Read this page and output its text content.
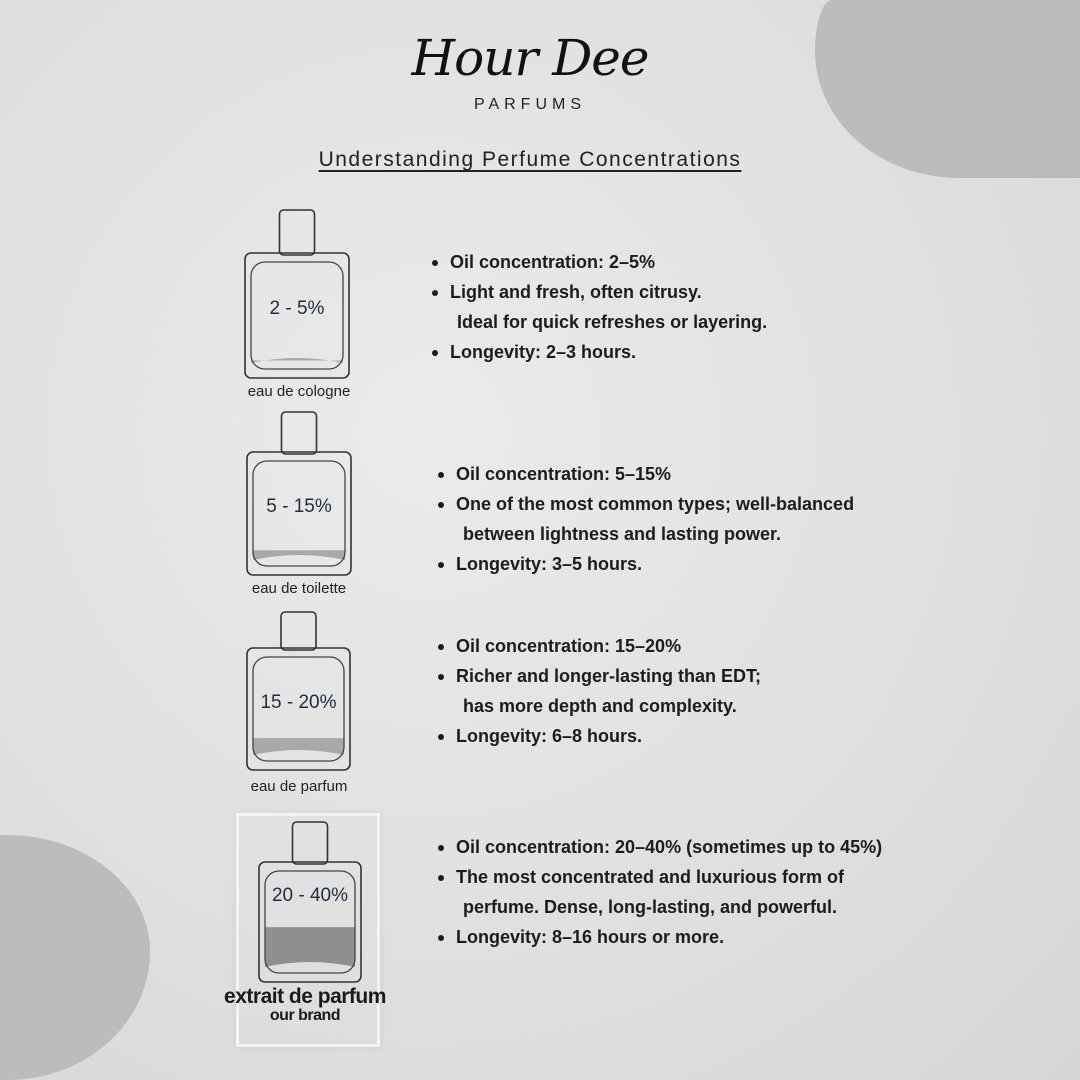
Hour Dee
PARFUMS
Understanding Perfume Concentrations
2 - 5%
eau de cologne
Oil concentration: 2–5%
Light and fresh, often citrusy.
Ideal for quick refreshes or layering.
Longevity: 2–3 hours.
5 - 15%
eau de toilette
Oil concentration: 5–15%
One of the most common types; well-balanced
between lightness and lasting power.
Longevity: 3–5 hours.
15 - 20%
eau de parfum
Oil concentration: 15–20%
Richer and longer-lasting than EDT;
has more depth and complexity.
Longevity: 6–8 hours.
20 - 40%
extrait de parfum
our brand
Oil concentration: 20–40% (sometimes up to 45%)
The most concentrated and luxurious form of
perfume. Dense, long-lasting, and powerful.
Longevity: 8–16 hours or more.
